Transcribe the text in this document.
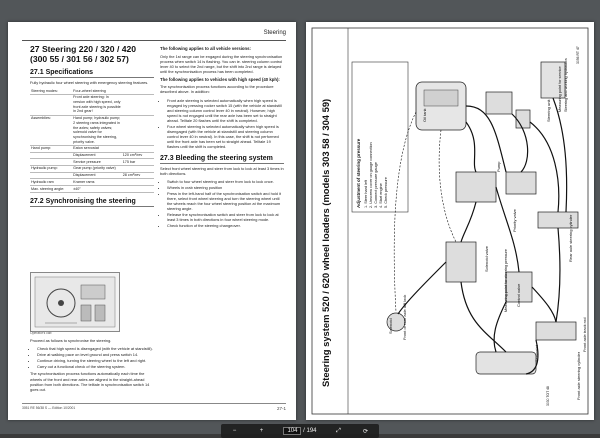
Steering
27 Steering 220 / 320 / 420
(300 55 / 301 56 / 302 57)
27.1 Specifications

Fully hydraulic four wheel steering with emergency steering features.

Steering modes:	Four-wheel steering	
	Front axle steering: In version with high speed, only front axle steering is possible in 2nd gear!	
Assemblies:	Hand pump; hydraulic pump; 2 steering rams integrated in the axles; safety valves; solenoid valve for synchronising the steering, priority valve.	
Hand pump:	Eaton servostat	
	Displacement	120 cm³/rev
	Service pressure	175 bar
Hydraulic pump:	Gear pump (priority valve)	
	Displacement	28 cm³/rev
Hydraulic ram	Kramer rams	
Max. steering angle:	±40°	
27.2 Synchronising the steering
Operator's cab

Proceed as follows to synchronise the steering.

• Check that high speed is disengaged (with the vehicle at standstill).
• Drive at walking pace on level ground and press switch 14.
• Continue driving, turning the steering wheel to the left and right.
• Carry out a functional check of the steering system.

The synchronisation process functions automatically each time the wheels of the front and rear axles are aligned in the straight-ahead position from both directions. The telltale in synchronisation switch 14 goes out.

The following applies to all vehicle versions:

Only the 1st range can be engaged during the steering synchronisation process when switch 14 is flashing. You can ie. steering column control lever 40 to select the 2nd range, but the shift into 2nd range is delayed until the synchronisation process has been completed.

The following applies to vehicles with high speed (40 kph):

The synchronisation process functions according to the procedure described above. In addition:

• Front axle steering is selected automatically when high speed is engaged by pressing rocker switch 15 (with the vehicle at standstill and steering column control lever 40 in neutral). However, high speed is not engaged until the rear axle has been set to straight ahead. Telltale 20 flashes until the shift is completed.
• Four wheel steering is selected automatically when high speed is disengaged (with the vehicle at standstill and steering column control lever 40 in neutral). In this case, the shift is not performed until the front axle has been set to straight ahead. Telltale 19 flashes until the shift is completed.
27.3 Bleeding the steering system

Select front wheel steering and steer from lock to lock at least 3 times in both directions.

• Switch to four wheel steering and steer from lock to lock once.
• Wheels in crab steering position
• Press in the left-hand half of the synchronisation switch and hold it there, select front wheel steering and turn the steering wheel until the wheels reach the four wheel steering position at the maximum steering angle.
• Release the synchronisation switch and steer from lock to lock at least 3 times in both directions in four wheel steering mode.
• Check function of the steering changeover.
3051 RE 56/38 S — Edition 10/2001	27-1
Steering system 520 / 620 wheel loaders (models 303 58 / 304 59)	Adjustment of steering pressure 1. Steer hard left 2. Unscrew cover on gauge connection 3. Connect pressure gauge 4. Start engine 5. Check pressure
Oil tank	Steering unit
Priority valve
Pump
Measuring point for steering pressure
Rear axle steering cylinder
Front axle steering cylinder
Servostat
Solenoid
Measuring point for service Steering and working hydraulics
Front axle track rod
Solenoid valve
Control valve
Front or rear axle diff lock
3056 RT 47
3030 TOT 48
−	+	104 / 194	⤢	⟳
